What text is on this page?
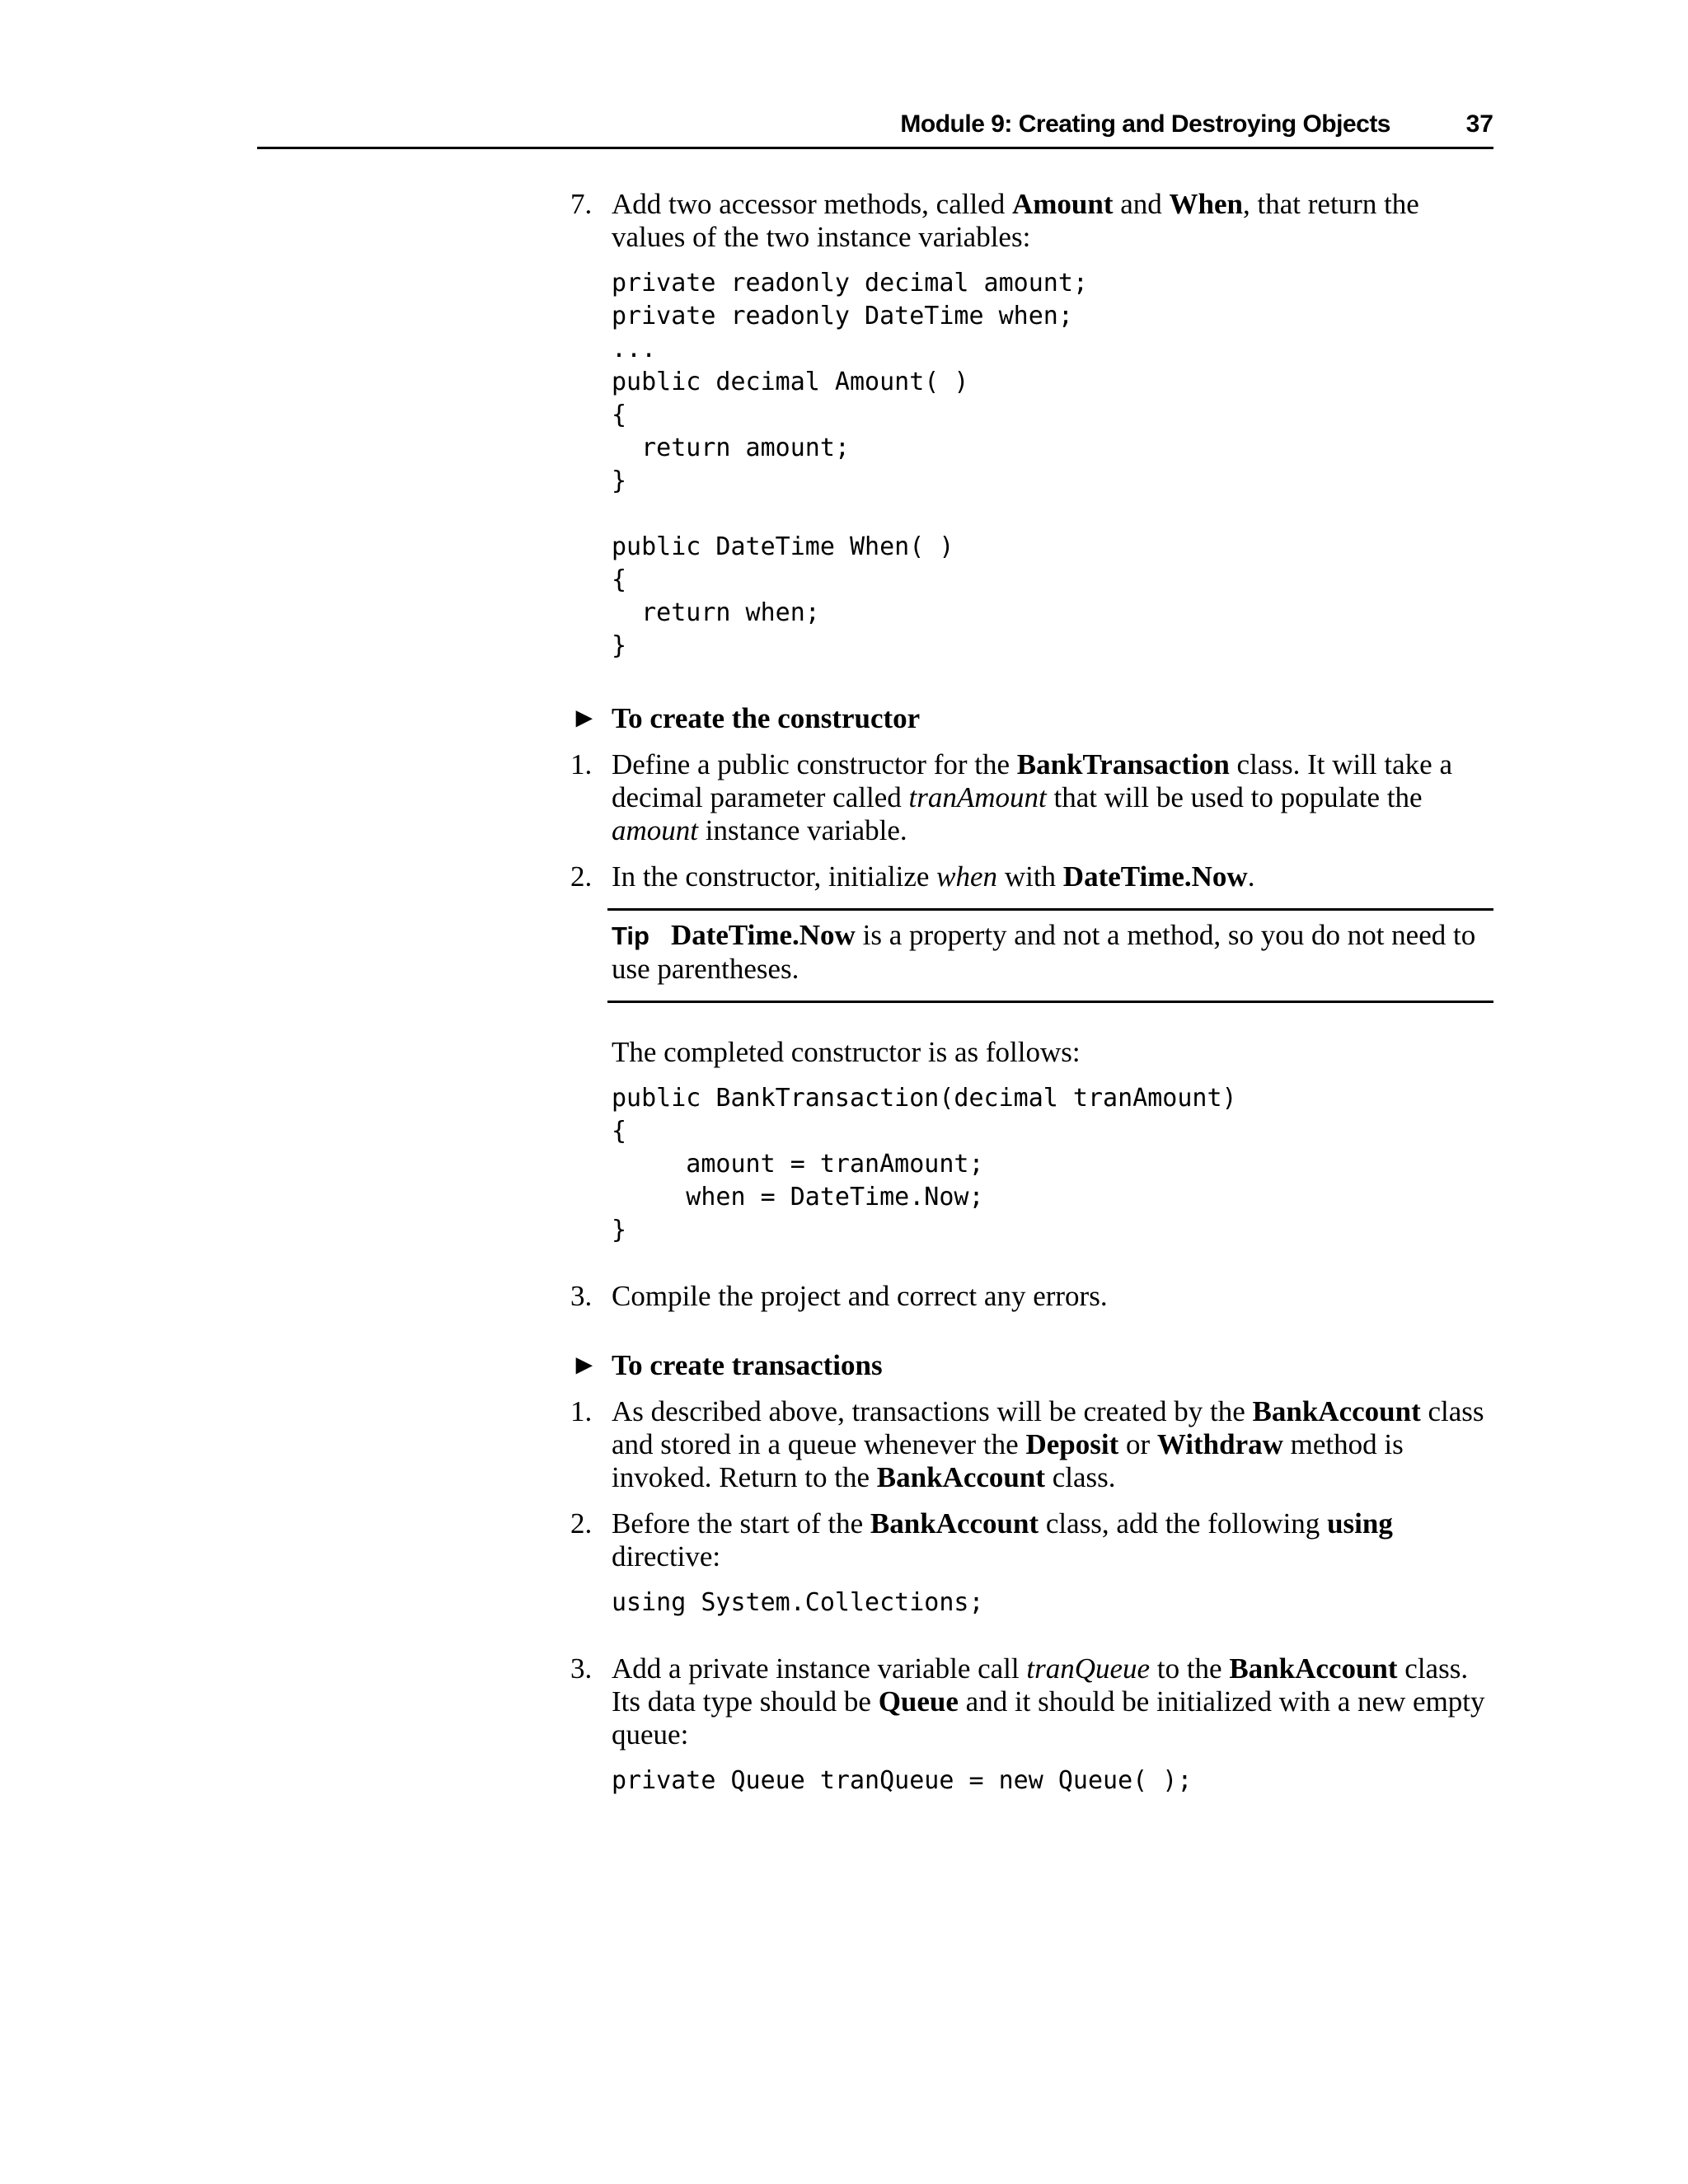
Module 9: Creating and Destroying Objects	37

7. Add two accessor methods, called Amount and When, that return the values of the two instance variables:

private readonly decimal amount;
private readonly DateTime when;
...
public decimal Amount( )
{
return amount;
}

public DateTime When( )
{
return when;
}

► To create the constructor

1. Define a public constructor for the BankTransaction class. It will take a decimal parameter called tranAmount that will be used to populate the amount instance variable.

2. In the constructor, initialize when with DateTime.Now.

Tip DateTime.Now is a property and not a method, so you do not need to use parentheses.

The completed constructor is as follows:

public BankTransaction(decimal tranAmount)
{
amount = tranAmount;
when = DateTime.Now;
}

3. Compile the project and correct any errors.

► To create transactions

1. As described above, transactions will be created by the BankAccount class and stored in a queue whenever the Deposit or Withdraw method is invoked. Return to the BankAccount class.

2. Before the start of the BankAccount class, add the following using directive:

using System.Collections;

3. Add a private instance variable call tranQueue to the BankAccount class. Its data type should be Queue and it should be initialized with a new empty queue:

private Queue tranQueue = new Queue( );
